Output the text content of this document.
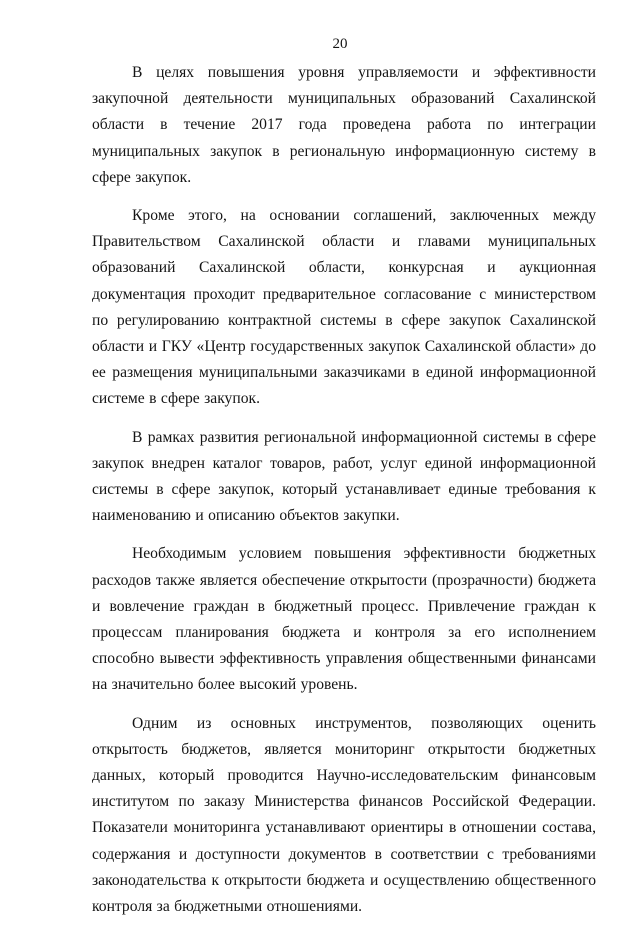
20

В целях повышения уровня управляемости и эффективности закупочной деятельности муниципальных образований Сахалинской области в течение 2017 года проведена работа по интеграции муниципальных закупок в региональную информационную систему в сфере закупок.

Кроме этого, на основании соглашений, заключенных между Правительством Сахалинской области и главами муниципальных образований Сахалинской области, конкурсная и аукционная документация проходит предварительное согласование с министерством по регулированию контрактной системы в сфере закупок Сахалинской области и ГКУ «Центр государственных закупок Сахалинской области» до ее размещения муниципальными заказчиками в единой информационной системе в сфере закупок.

В рамках развития региональной информационной системы в сфере закупок внедрен каталог товаров, работ, услуг единой информационной системы в сфере закупок, который устанавливает единые требования к наименованию и описанию объектов закупки.

Необходимым условием повышения эффективности бюджетных расходов также является обеспечение открытости (прозрачности) бюджета и вовлечение граждан в бюджетный процесс. Привлечение граждан к процессам планирования бюджета и контроля за его исполнением способно вывести эффективность управления общественными финансами на значительно более высокий уровень.

Одним из основных инструментов, позволяющих оценить открытость бюджетов, является мониторинг открытости бюджетных данных, который проводится Научно-исследовательским финансовым институтом по заказу Министерства финансов Российской Федерации. Показатели мониторинга устанавливают ориентиры в отношении состава, содержания и доступности документов в соответствии с требованиями законодательства к открытости бюджета и осуществлению общественного контроля за бюджетными отношениями.
